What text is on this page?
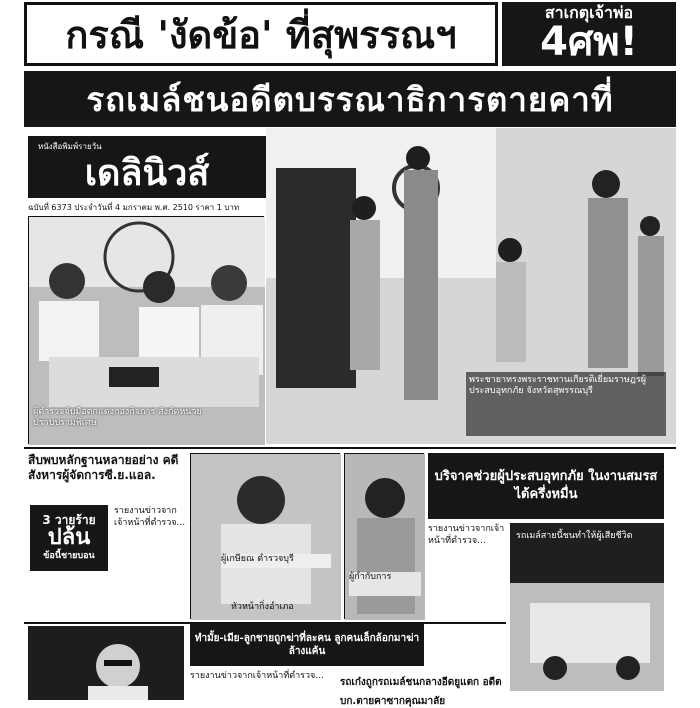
กรณี 'งัดข้อ' ที่สุพรรณฯ	สาเกตุเจ้าพ่อ
4ศพ!
รถเมล์ชนอดีตบรรณาธิการตายคาที่
หนังสือพิมพ์รายวัน
เดลินิวส์
ฉบับที่ 6373 ประจำวันที่ 4 มกราคม พ.ศ. 2510 ราคา 1 บาท
ผู้ตำรวจจับมือตกแต่งกองกิจการ สังกัดหน่วยปราบปรามพิเศษ
พระชายาทรงพระราชทานเกียรติเยี่ยมราษฎรผู้ประสบอุทกภัย จังหวัดสุพรรณบุรี
สืบพบหลักฐานหลายอย่าง คดีสังหารผู้จัดการซี.ย.แอล.
3 วายร้าย
ปล้น
ข้อนี้ชายบอน
รายงานข่าวจากเจ้าหน้าที่ตำรวจ...
ผู้เกษียณ ตำรวจบุรี
หัวหน้ากิ่งอำเภอ
ผู้กำกับการ
บริจาคช่วยผู้ประสบอุทกภัย ในงานสมรสได้ครึ่งหมื่น
รถเมล์สายนี้ชนทำให้ผู้เสียชีวิต
รายงานข่าวจากเจ้าหน้าที่ตำรวจ...
ทำมั้ย-เมีย-ลูกชายถูกฆ่าที่ละคน ลูกคนเล็กล้อกมาฆ่าล้างแค้น
รถเก๋งถูกรถเมล์ชนกลางอีดยูแตก อดีตบก.ตายคาซากคุณมาลัย
รายงานข่าวจากเจ้าหน้าที่ตำรวจ...
